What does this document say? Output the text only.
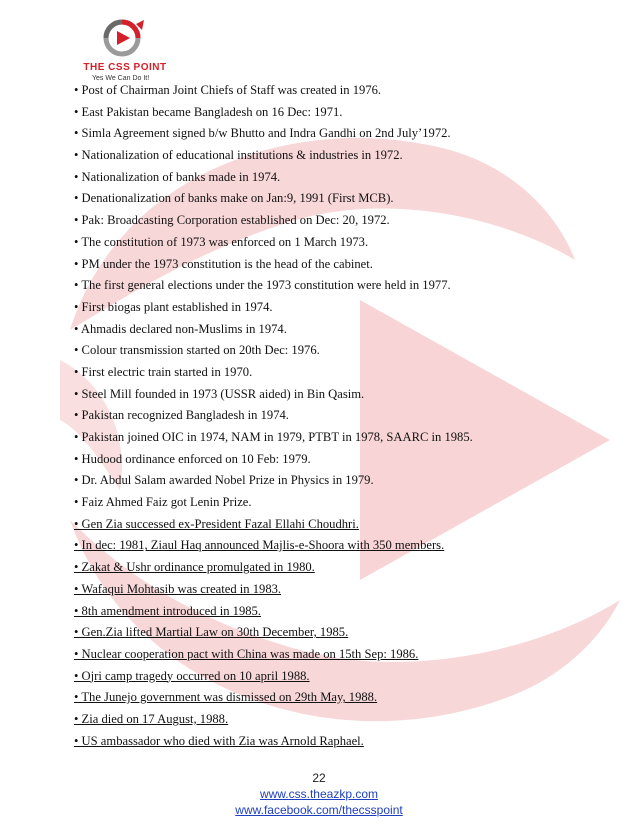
THE CSS POINT
Yes We Can Do It!
• Post of Chairman Joint Chiefs of Staff was created in 1976.
• East Pakistan became Bangladesh on 16 Dec: 1971.
• Simla Agreement signed b/w Bhutto and Indra Gandhi on 2nd July’1972.
• Nationalization of educational institutions & industries in 1972.
• Nationalization of banks made in 1974.
• Denationalization of banks make on Jan:9, 1991 (First MCB).
• Pak: Broadcasting Corporation established on Dec: 20, 1972.
• The constitution of 1973 was enforced on 1 March 1973.
• PM under the 1973 constitution is the head of the cabinet.
• The first general elections under the 1973 constitution were held in 1977.
• First biogas plant established in 1974.
• Ahmadis declared non-Muslims in 1974.
• Colour transmission started on 20th Dec: 1976.
• First electric train started in 1970.
• Steel Mill founded in 1973 (USSR aided) in Bin Qasim.
• Pakistan recognized Bangladesh in 1974.
• Pakistan joined OIC in 1974, NAM in 1979, PTBT in 1978, SAARC in 1985.
• Hudood ordinance enforced on 10 Feb: 1979.
• Dr. Abdul Salam awarded Nobel Prize in Physics in 1979.
• Faiz Ahmed Faiz got Lenin Prize.
• Gen Zia successed ex-President Fazal Ellahi Choudhri.
• In dec: 1981, Ziaul Haq announced Majlis-e-Shoora with 350 members.
• Zakat & Ushr ordinance promulgated in 1980.
• Wafaqui Mohtasib was created in 1983.
• 8th amendment introduced in 1985.
• Gen.Zia lifted Martial Law on 30th December, 1985.
• Nuclear cooperation pact with China was made on 15th Sep: 1986.
• Ojri camp tragedy occurred on 10 april 1988.
• The Junejo government was dismissed on 29th May, 1988.
• Zia died on 17 August, 1988.
• US ambassador who died with Zia was Arnold Raphael.
22
www.css.theazkp.com
www.facebook.com/thecsspoint
